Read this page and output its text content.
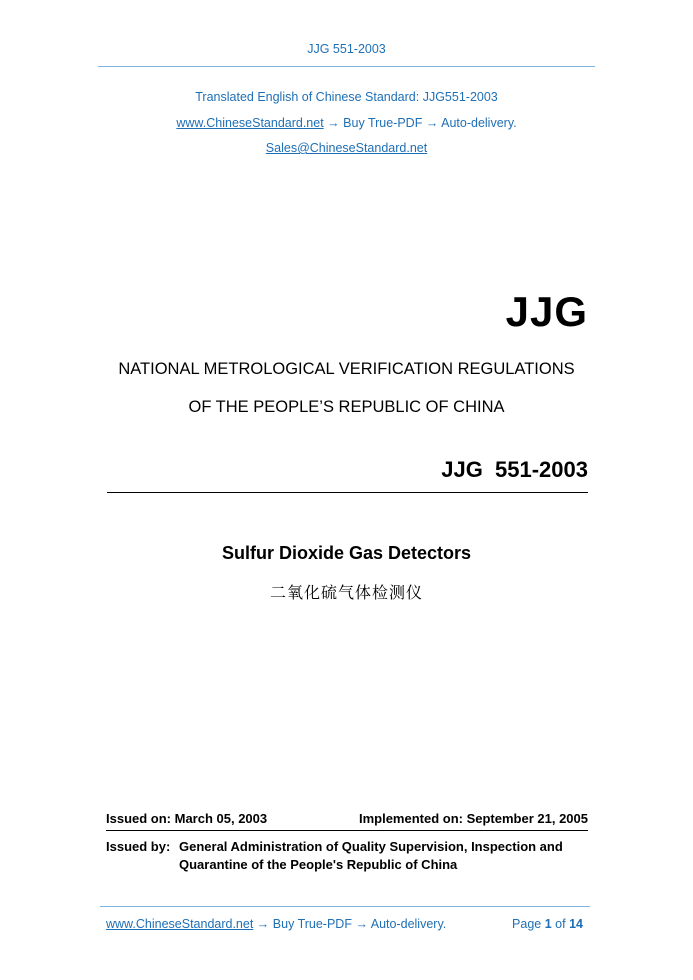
JJG 551-2003
Translated English of Chinese Standard: JJG551-2003
www.ChineseStandard.net → Buy True-PDF → Auto-delivery.
Sales@ChineseStandard.net
JJG
NATIONAL METROLOGICAL VERIFICATION REGULATIONS
OF THE PEOPLE’S REPUBLIC OF CHINA
JJG  551-2003
Sulfur Dioxide Gas Detectors
二氧化硫气体检测仪
Issued on: March 05, 2003	Implemented on: September 21, 2005
Issued by: General Administration of Quality Supervision, Inspection and
Quarantine of the People's Republic of China
www.ChineseStandard.net → Buy True-PDF → Auto-delivery.	Page 1 of 14
